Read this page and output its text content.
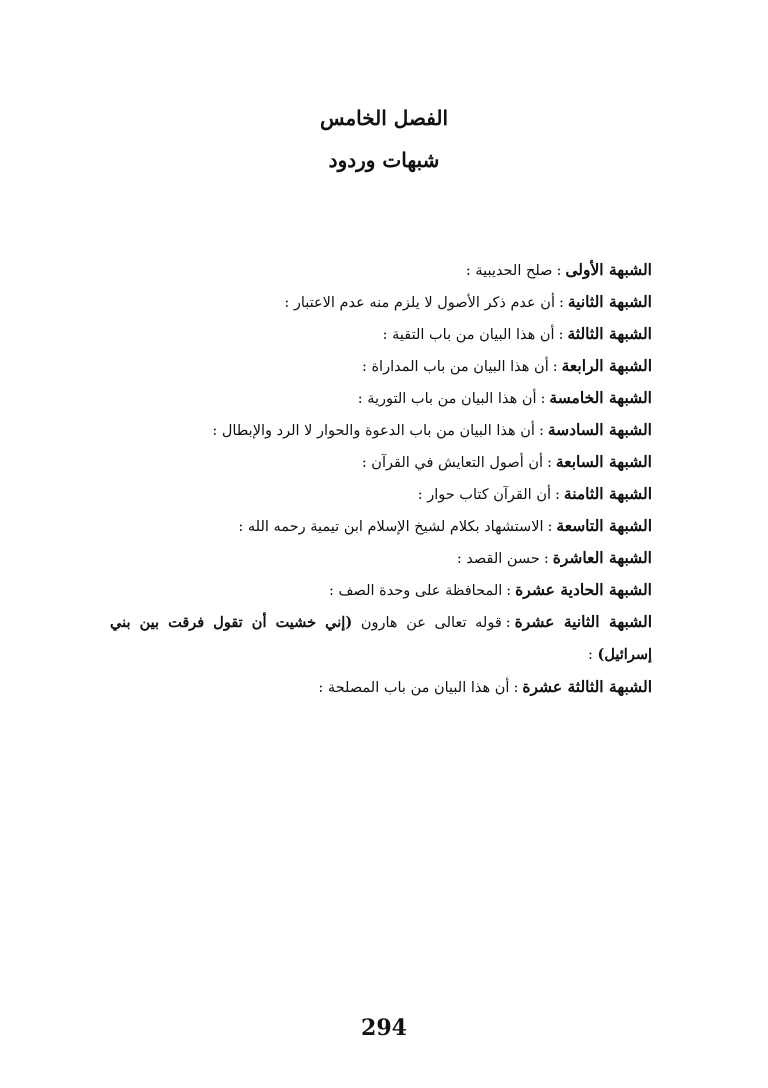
الفصل الخامس
شبهات وردود
الشبهة الأولى:صلح الحديبية :
الشبهة الثانية:أن عدم ذكر الأصول لا يلزم منه عدم الاعتبار :
الشبهة الثالثة:أن هذا البيان من باب التقية :
الشبهة الرابعة:أن هذا البيان من باب المداراة :
الشبهة الخامسة:أن هذا البيان من باب التورية :
الشبهة السادسة:أن هذا البيان من باب الدعوة والحوار لا الرد والإبطال :
الشبهة السابعة:أن أصول التعايش في القرآن :
الشبهة الثامنة:أن القرآن كتاب حوار :
الشبهة التاسعة:الاستشهاد بكلام لشيخ الإسلام ابن تيمية رحمه الله :
الشبهة العاشرة:حسن القصد :
الشبهة الحادية عشرة:المحافظة على وحدة الصف :
الشبهة الثانية عشرة:قوله تعالى عن هارون (إني خشيت أن تقول فرقت بين بني إسرائيل) :
الشبهة الثالثة عشرة:أن هذا البيان من باب المصلحة :
294
